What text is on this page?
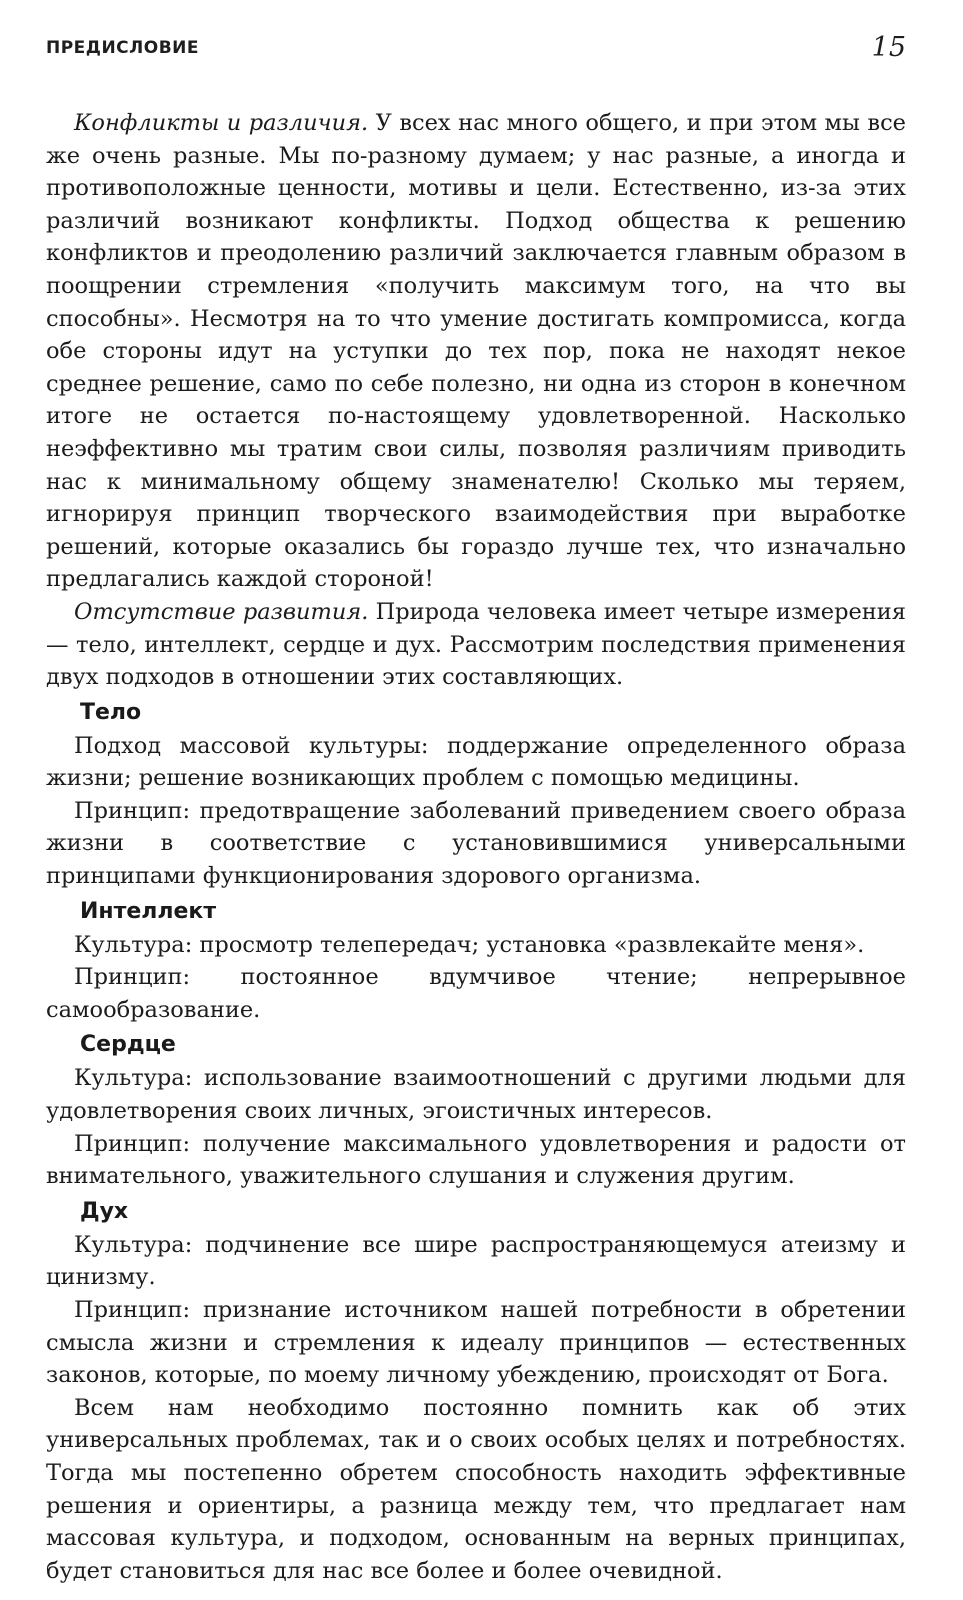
ПРЕДИСЛОВИЕ	15

Конфликты и различия. У всех нас много общего, и при этом мы все же очень разные. Мы по-разному думаем; у нас разные, а иногда и противоположные ценности, мотивы и цели. Естественно, из-за этих различий возникают конфликты. Подход общества к решению конфликтов и преодолению различий заключается главным образом в поощрении стремления «получить максимум того, на что вы способны». Несмотря на то что умение достигать компромисса, когда обе стороны идут на уступки до тех пор, пока не находят некое среднее решение, само по себе полезно, ни одна из сторон в конечном итоге не остается по-настоящему удовлетворенной. Насколько неэффективно мы тратим свои силы, позволяя различиям приводить нас к минимальному общему знаменателю! Сколько мы теряем, игнорируя принцип творческого взаимодействия при выработке решений, которые оказались бы гораздо лучше тех, что изначально предлагались каждой стороной!

Отсутствие развития. Природа человека имеет четыре измерения — тело, интеллект, сердце и дух. Рассмотрим последствия применения двух подходов в отношении этих составляющих.

Тело

Подход массовой культуры: поддержание определенного образа жизни; решение возникающих проблем с помощью медицины.

Принцип: предотвращение заболеваний приведением своего образа жизни в соответствие с установившимися универсальными принципами функционирования здорового организма.

Интеллект

Культура: просмотр телепередач; установка «развлекайте меня».

Принцип: постоянное вдумчивое чтение; непрерывное самообразование.

Сердце

Культура: использование взаимоотношений с другими людьми для удовлетворения своих личных, эгоистичных интересов.

Принцип: получение максимального удовлетворения и радости от внимательного, уважительного слушания и служения другим.

Дух

Культура: подчинение все шире распространяющемуся атеизму и цинизму.

Принцип: признание источником нашей потребности в обретении смысла жизни и стремления к идеалу принципов — естественных законов, которые, по моему личному убеждению, происходят от Бога.

Всем нам необходимо постоянно помнить как об этих универсальных проблемах, так и о своих особых целях и потребностях. Тогда мы постепенно обретем способность находить эффективные решения и ориентиры, а разница между тем, что предлагает нам массовая культура, и подходом, основанным на верных принципах, будет становиться для нас все более и более очевидной.
